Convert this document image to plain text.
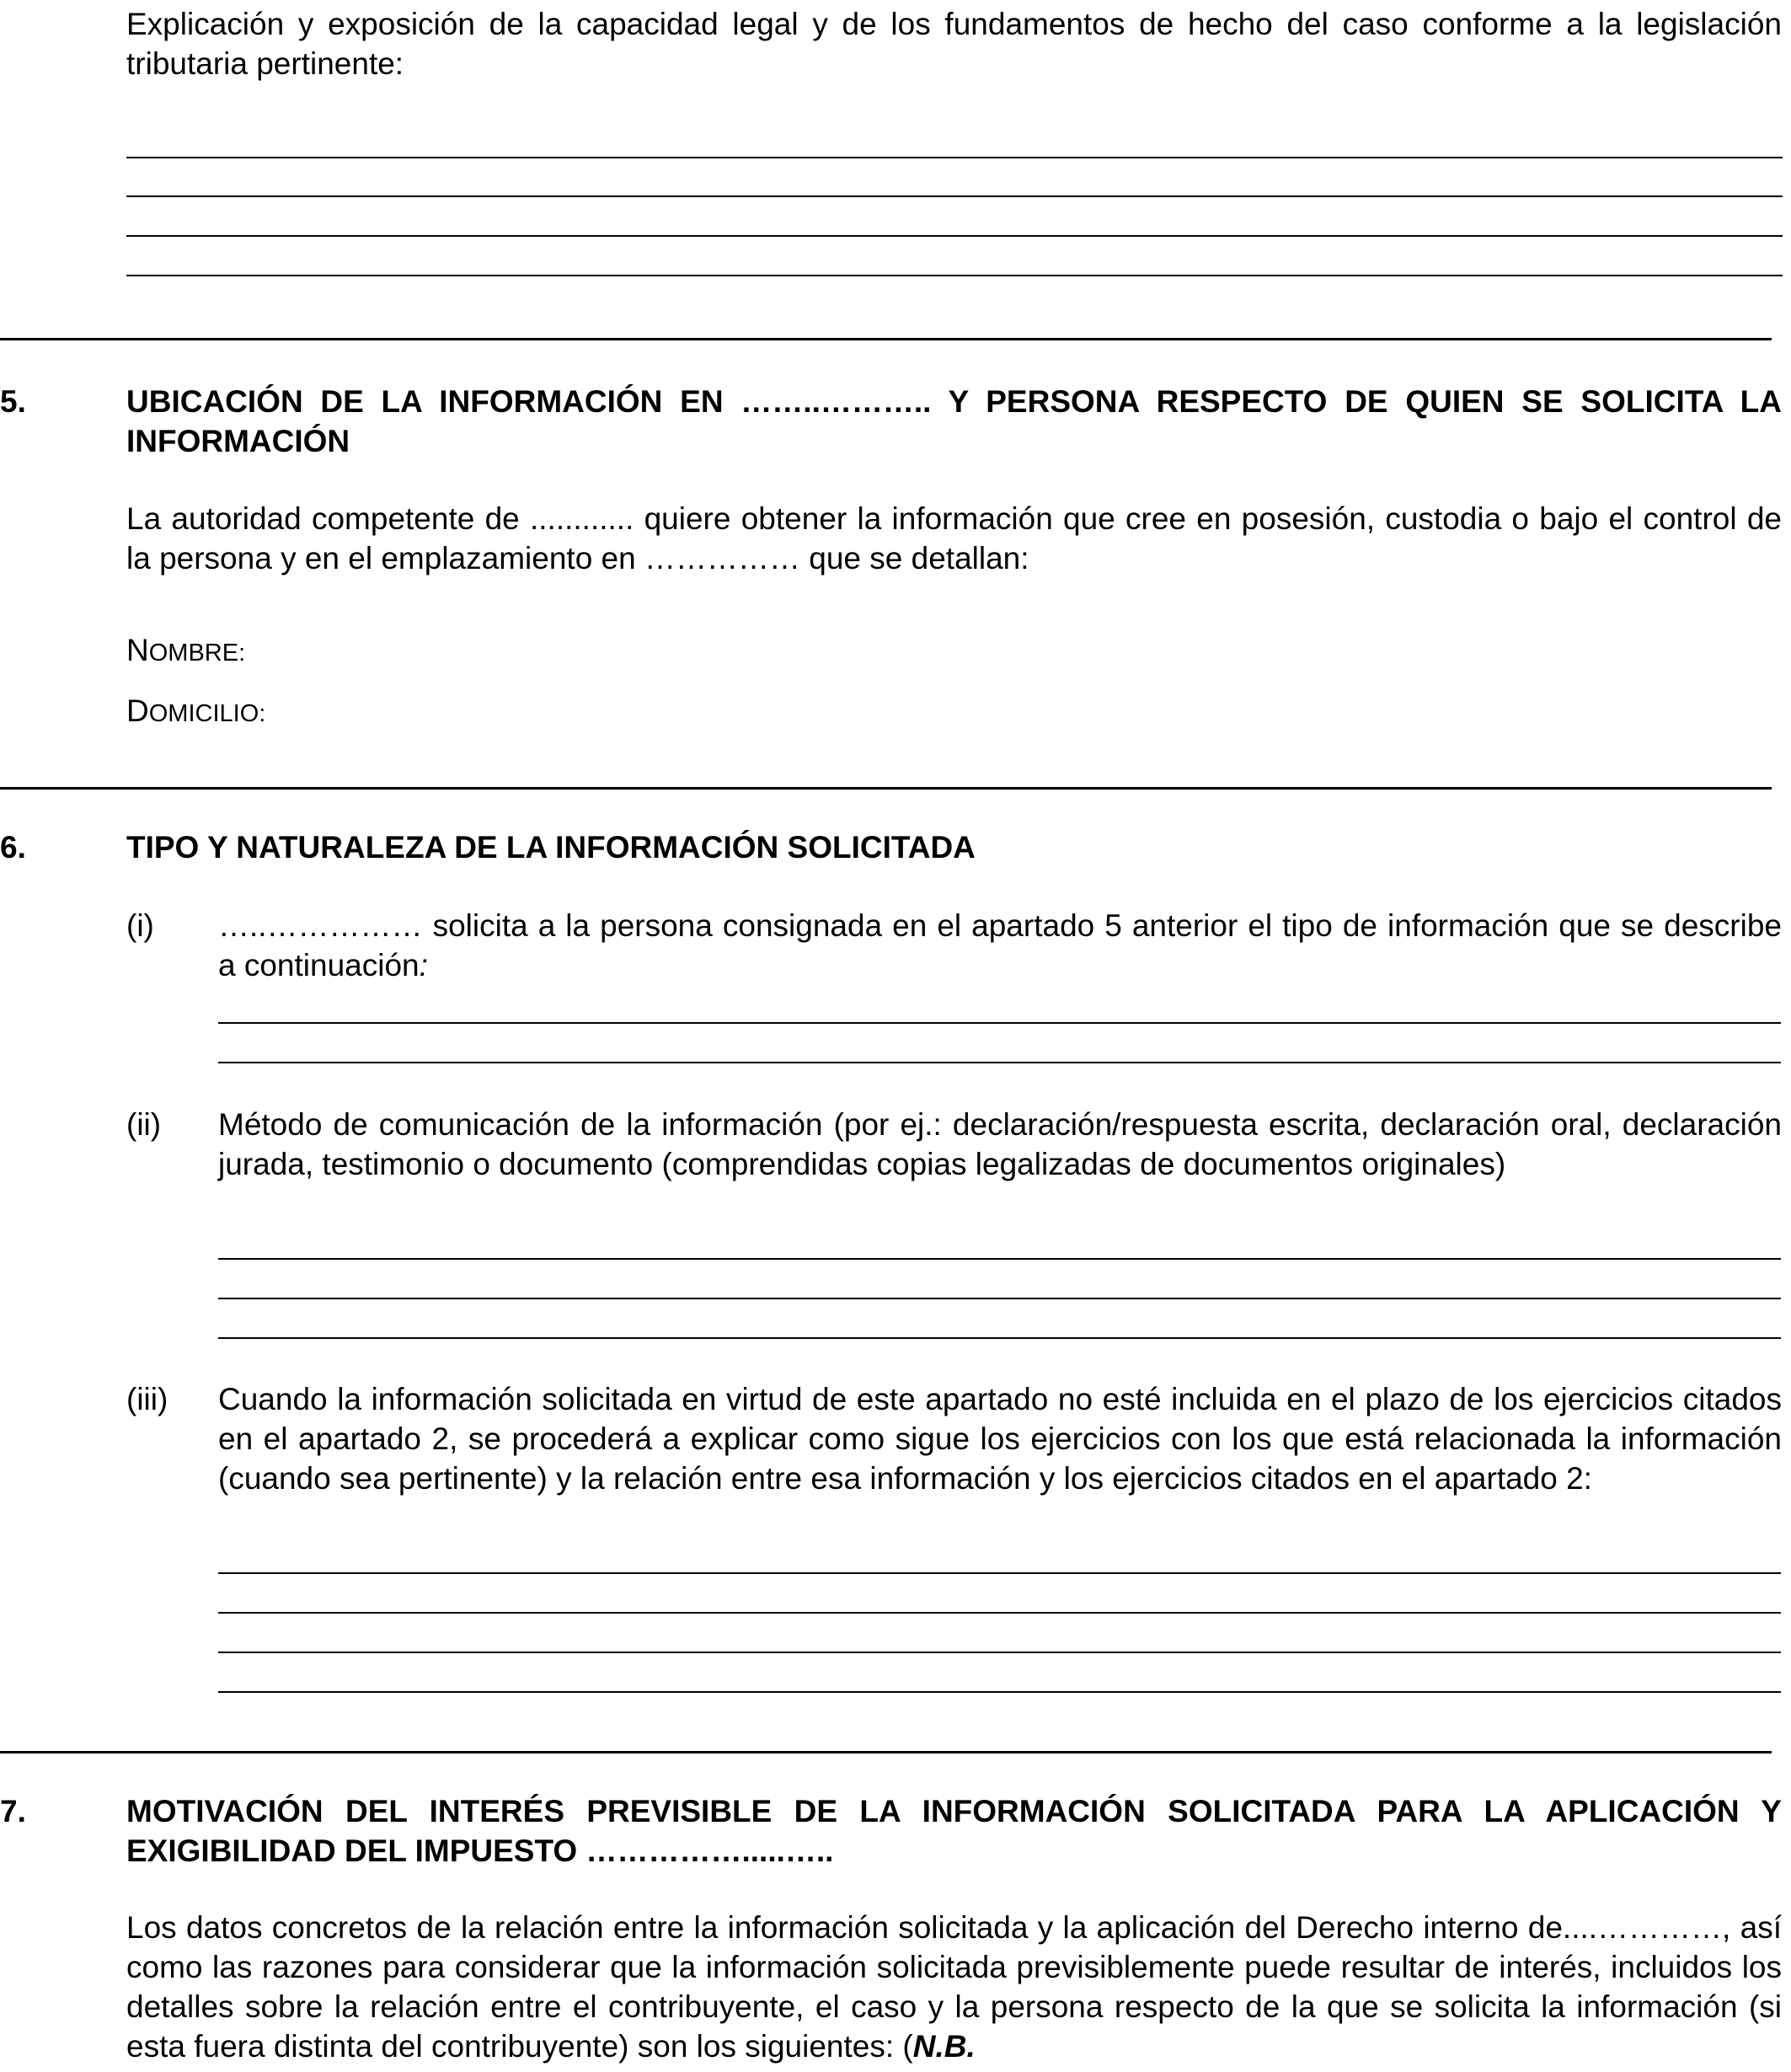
Explicación y exposición de la capacidad legal y de los fundamentos de hecho del caso conforme a la legislación tributaria pertinente:
5.	UBICACIÓN DE LA INFORMACIÓN EN ……..……….. Y PERSONA RESPECTO DE QUIEN SE SOLICITA LA INFORMACIÓN
La autoridad competente de ............ quiere obtener la información que cree en posesión, custodia o bajo el control de la persona y en el emplazamiento en …………… que se detallan:
NOMBRE:
DOMICILIO:
6.	TIPO Y NATURALEZA DE LA INFORMACIÓN SOLICITADA
(i) …..…………… solicita a la persona consignada en el apartado 5 anterior el tipo de información que se describe a continuación:
(ii) Método de comunicación de la información (por ej.: declaración/respuesta escrita, declaración oral, declaración jurada, testimonio o documento (comprendidas copias legalizadas de documentos originales)
(iii) Cuando la información solicitada en virtud de este apartado no esté incluida en el plazo de los ejercicios citados en el apartado 2, se procederá a explicar como sigue los ejercicios con los que está relacionada la información (cuando sea pertinente) y la relación entre esa información y los ejercicios citados en el apartado 2:
7.	MOTIVACIÓN DEL INTERÉS PREVISIBLE DE LA INFORMACIÓN SOLICITADA PARA LA APLICACIÓN Y EXIGIBILIDAD DEL IMPUESTO …………….....…..
Los datos concretos de la relación entre la información solicitada y la aplicación del Derecho interno de....…………, así como las razones para considerar que la información solicitada previsiblemente puede resultar de interés, incluidos los detalles sobre la relación entre el contribuyente, el caso y la persona respecto de la que se solicita la información (si esta fuera distinta del contribuyente) son los siguientes: (N.B.
